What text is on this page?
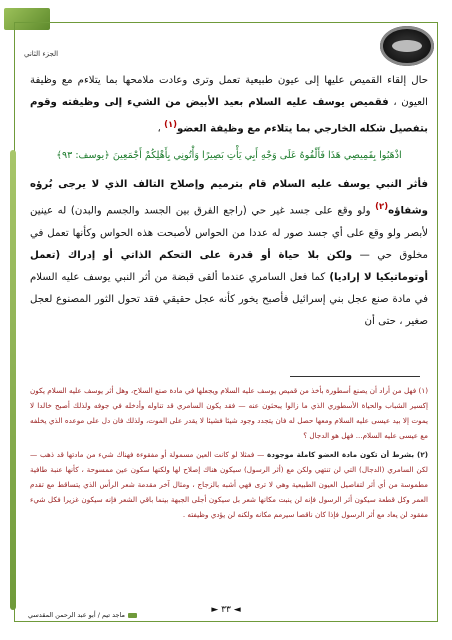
الجزء الثاني

حال إلقاء القميص عليها إلى عيون طبيعية تعمل وترى وعادت ملامحها بما يتلاءم مع وظيفة العيون ، فقميص يوسف عليه السلام بعيد الأبيض من الشيء إلى وظيفته وقوم بتفصيل شكله الخارجي بما يتلاءم مع وظيفة العضو$^{(١)}$ ،

اذْهَبُوا بِقَمِيصِي هَذَا فَأَلْقُوهُ عَلَى وَجْهِ أَبِي يَأْتِ بَصِيرًا وَأْتُونِي بِأَهْلِكُمْ أَجْمَعِينَ ﴿يوسف: ٩٣﴾

فأثر النبي يوسف عليه السلام قام بترميم وإصلاح التالف الذي لا يرجى بُرؤه وشفاؤه$^{(٢)}$ ولو وقع على جسد غير حي (راجع الفرق بين الجسد والجسم والبدن) له عينين لأبصر ولو وقع على أي جسد صور له عددا من الحواس لأصبحت هذه الحواس وكأنها تعمل في مخلوق حي — ولكن بلا حياة أو قدرة على التحكم الذاتي أو إدراك (تعمل أوتوماتيكيا لا إراديا) كما فعل السامري عندما ألقى قبضة من أثر النبي يوسف عليه السلام في مادة صنع عجل بني إسرائيل فأصبح يخور كأنه عجل حقيقي فقد تحول الثور المصنوع لعجل صغير ، حتى أن

(١) فهل من أراد أن يصنع أسطورة بأخذ من قميص يوسف عليه السلام ويجعلها في مادة صنع السلاح، وهل أثر يوسف عليه السلام يكون إكسير الشباب والحياة الأسطوري الذي ما زالوا يبحثون عنه — فقد يكون السامري قد تناوله وأدخله في جوفه ولذلك أصبح خالدا لا يموت إلا بيد عيسى عليه السلام ومعها حصل له فان يتجدد وجود شيئا فشيئا لا يقدر على الموت، ولذلك فان دل على موعده الذي يخلفه مع عيسى عليه السلام... فهل هو الدجال ؟

(٢) بشرط أن تكون مادة العضو كاملة موجودة — فمثلا لو كانت العين مسمولة أو مفقوءة فهناك شيء من مادتها قد ذهب — لكن السامري (الدجال) التي لن تنتهي ولكن مع (أثر الرسول) سيكون هناك إصلاح لها ولكنها سكون عين ممسوحة ، كأنها عنبة طافية مطموسة من أي أثر لتفاصيل العيون الطبيعية وهي لا ترى فهي أشبه بالزجاج ، ومثال آخر مقدمة شعر الرأس الذي يتساقط مع تقدم العمر وكل قطعة سيكون أثر الرسول فإنه لن ينبت مكانها شعر بل سيكون أجلى الجبهة بينما باقي الشعر فإنه سيكون غزيرا فكل شيء مفقود لن يعاد مع أثر الرسول فإذا كان ناقصا سيرمم مكانه ولكنه لن يؤدي وظيفته .

◄ ٣٣ ►
ماجد تيم / أبو عبد الرحمن المقدسي
